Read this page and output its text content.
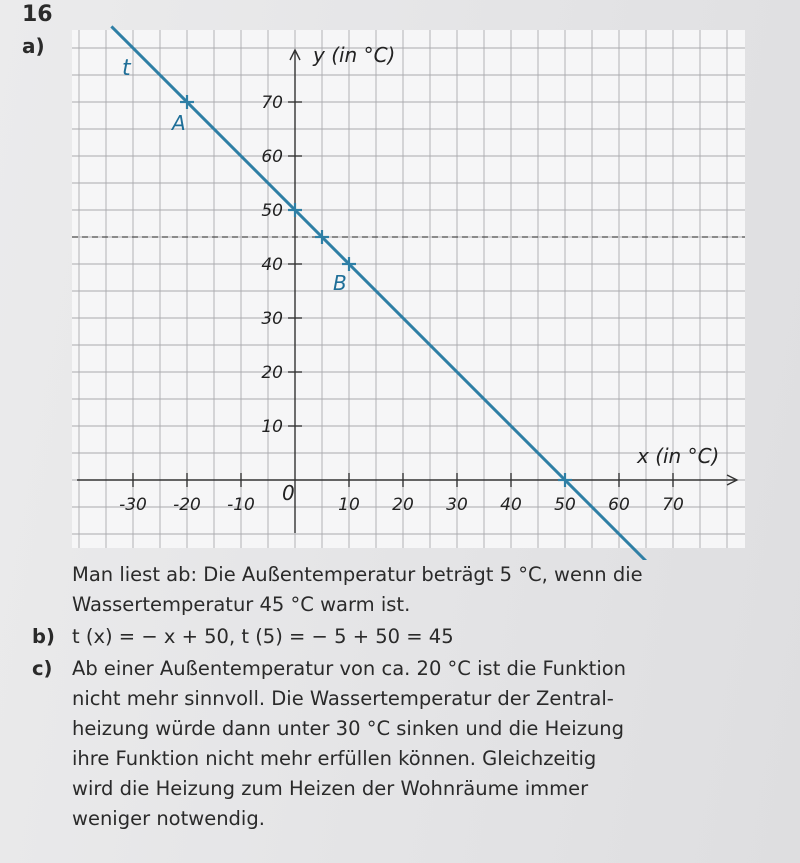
16
a)
-30 -20 -10	10 20 30 40 50 60 70
10
20
30
40
50
60
70
t
A
B
y (in °C)
x (in °C)
0
Man liest ab: Die Außentemperatur beträgt 5 °C, wenn die
Wassertemperatur 45 °C warm ist.
b) t (x) = − x + 50, t (5) = − 5 + 50 = 45
c) Ab einer Außentemperatur von ca. 20 °C ist die Funktion
nicht mehr sinnvoll. Die Wassertemperatur der Zentral-
heizung würde dann unter 30 °C sinken und die Heizung
ihre Funktion nicht mehr erfüllen können. Gleichzeitig
wird die Heizung zum Heizen der Wohnräume immer
weniger notwendig.
